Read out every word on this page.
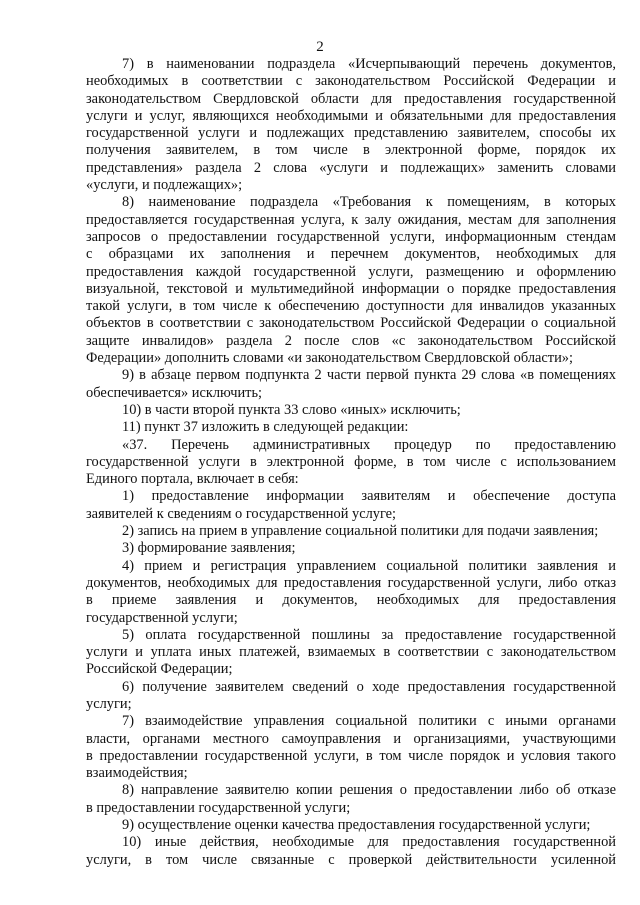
2
7) в наименовании подраздела «Исчерпывающий перечень документов,
необходимых в соответствии с законодательством Российской Федерации и
законодательством Свердловской области для предоставления государственной
услуги и услуг, являющихся необходимыми и обязательными для предоставления
государственной услуги и подлежащих представлению заявителем, способы их
получения заявителем, в том числе в электронной форме, порядок их
представления» раздела 2 слова «услуги и подлежащих» заменить словами
«услуги, и подлежащих»;
8) наименование подраздела «Требования к помещениям, в которых
предоставляется государственная услуга, к залу ожидания, местам для заполнения
запросов о предоставлении государственной услуги, информационным стендам
с образцами их заполнения и перечнем документов, необходимых для
предоставления каждой государственной услуги, размещению и оформлению
визуальной, текстовой и мультимедийной информации о порядке предоставления
такой услуги, в том числе к обеспечению доступности для инвалидов указанных
объектов в соответствии с законодательством Российской Федерации о социальной
защите инвалидов» раздела 2 после слов «с законодательством Российской
Федерации» дополнить словами «и законодательством Свердловской области»;
9) в абзаце первом подпункта 2 части первой пункта 29 слова «в помещениях
обеспечивается» исключить;
10) в части второй пункта 33 слово «иных» исключить;
11) пункт 37 изложить в следующей редакции:
«37. Перечень административных процедур по предоставлению
государственной услуги в электронной форме, в том числе с использованием
Единого портала, включает в себя:
1) предоставление информации заявителям и обеспечение доступа
заявителей к сведениям о государственной услуге;
2) запись на прием в управление социальной политики для подачи заявления;
3) формирование заявления;
4) прием и регистрация управлением социальной политики заявления и
документов, необходимых для предоставления государственной услуги, либо отказ
в приеме заявления и документов, необходимых для предоставления
государственной услуги;
5) оплата государственной пошлины за предоставление государственной
услуги и уплата иных платежей, взимаемых в соответствии с законодательством
Российской Федерации;
6) получение заявителем сведений о ходе предоставления государственной
услуги;
7) взаимодействие управления социальной политики с иными органами
власти, органами местного самоуправления и организациями, участвующими
в предоставлении государственной услуги, в том числе порядок и условия такого
взаимодействия;
8) направление заявителю копии решения о предоставлении либо об отказе
в предоставлении государственной услуги;
9) осуществление оценки качества предоставления государственной услуги;
10) иные действия, необходимые для предоставления государственной
услуги, в том числе связанные с проверкой действительности усиленной
